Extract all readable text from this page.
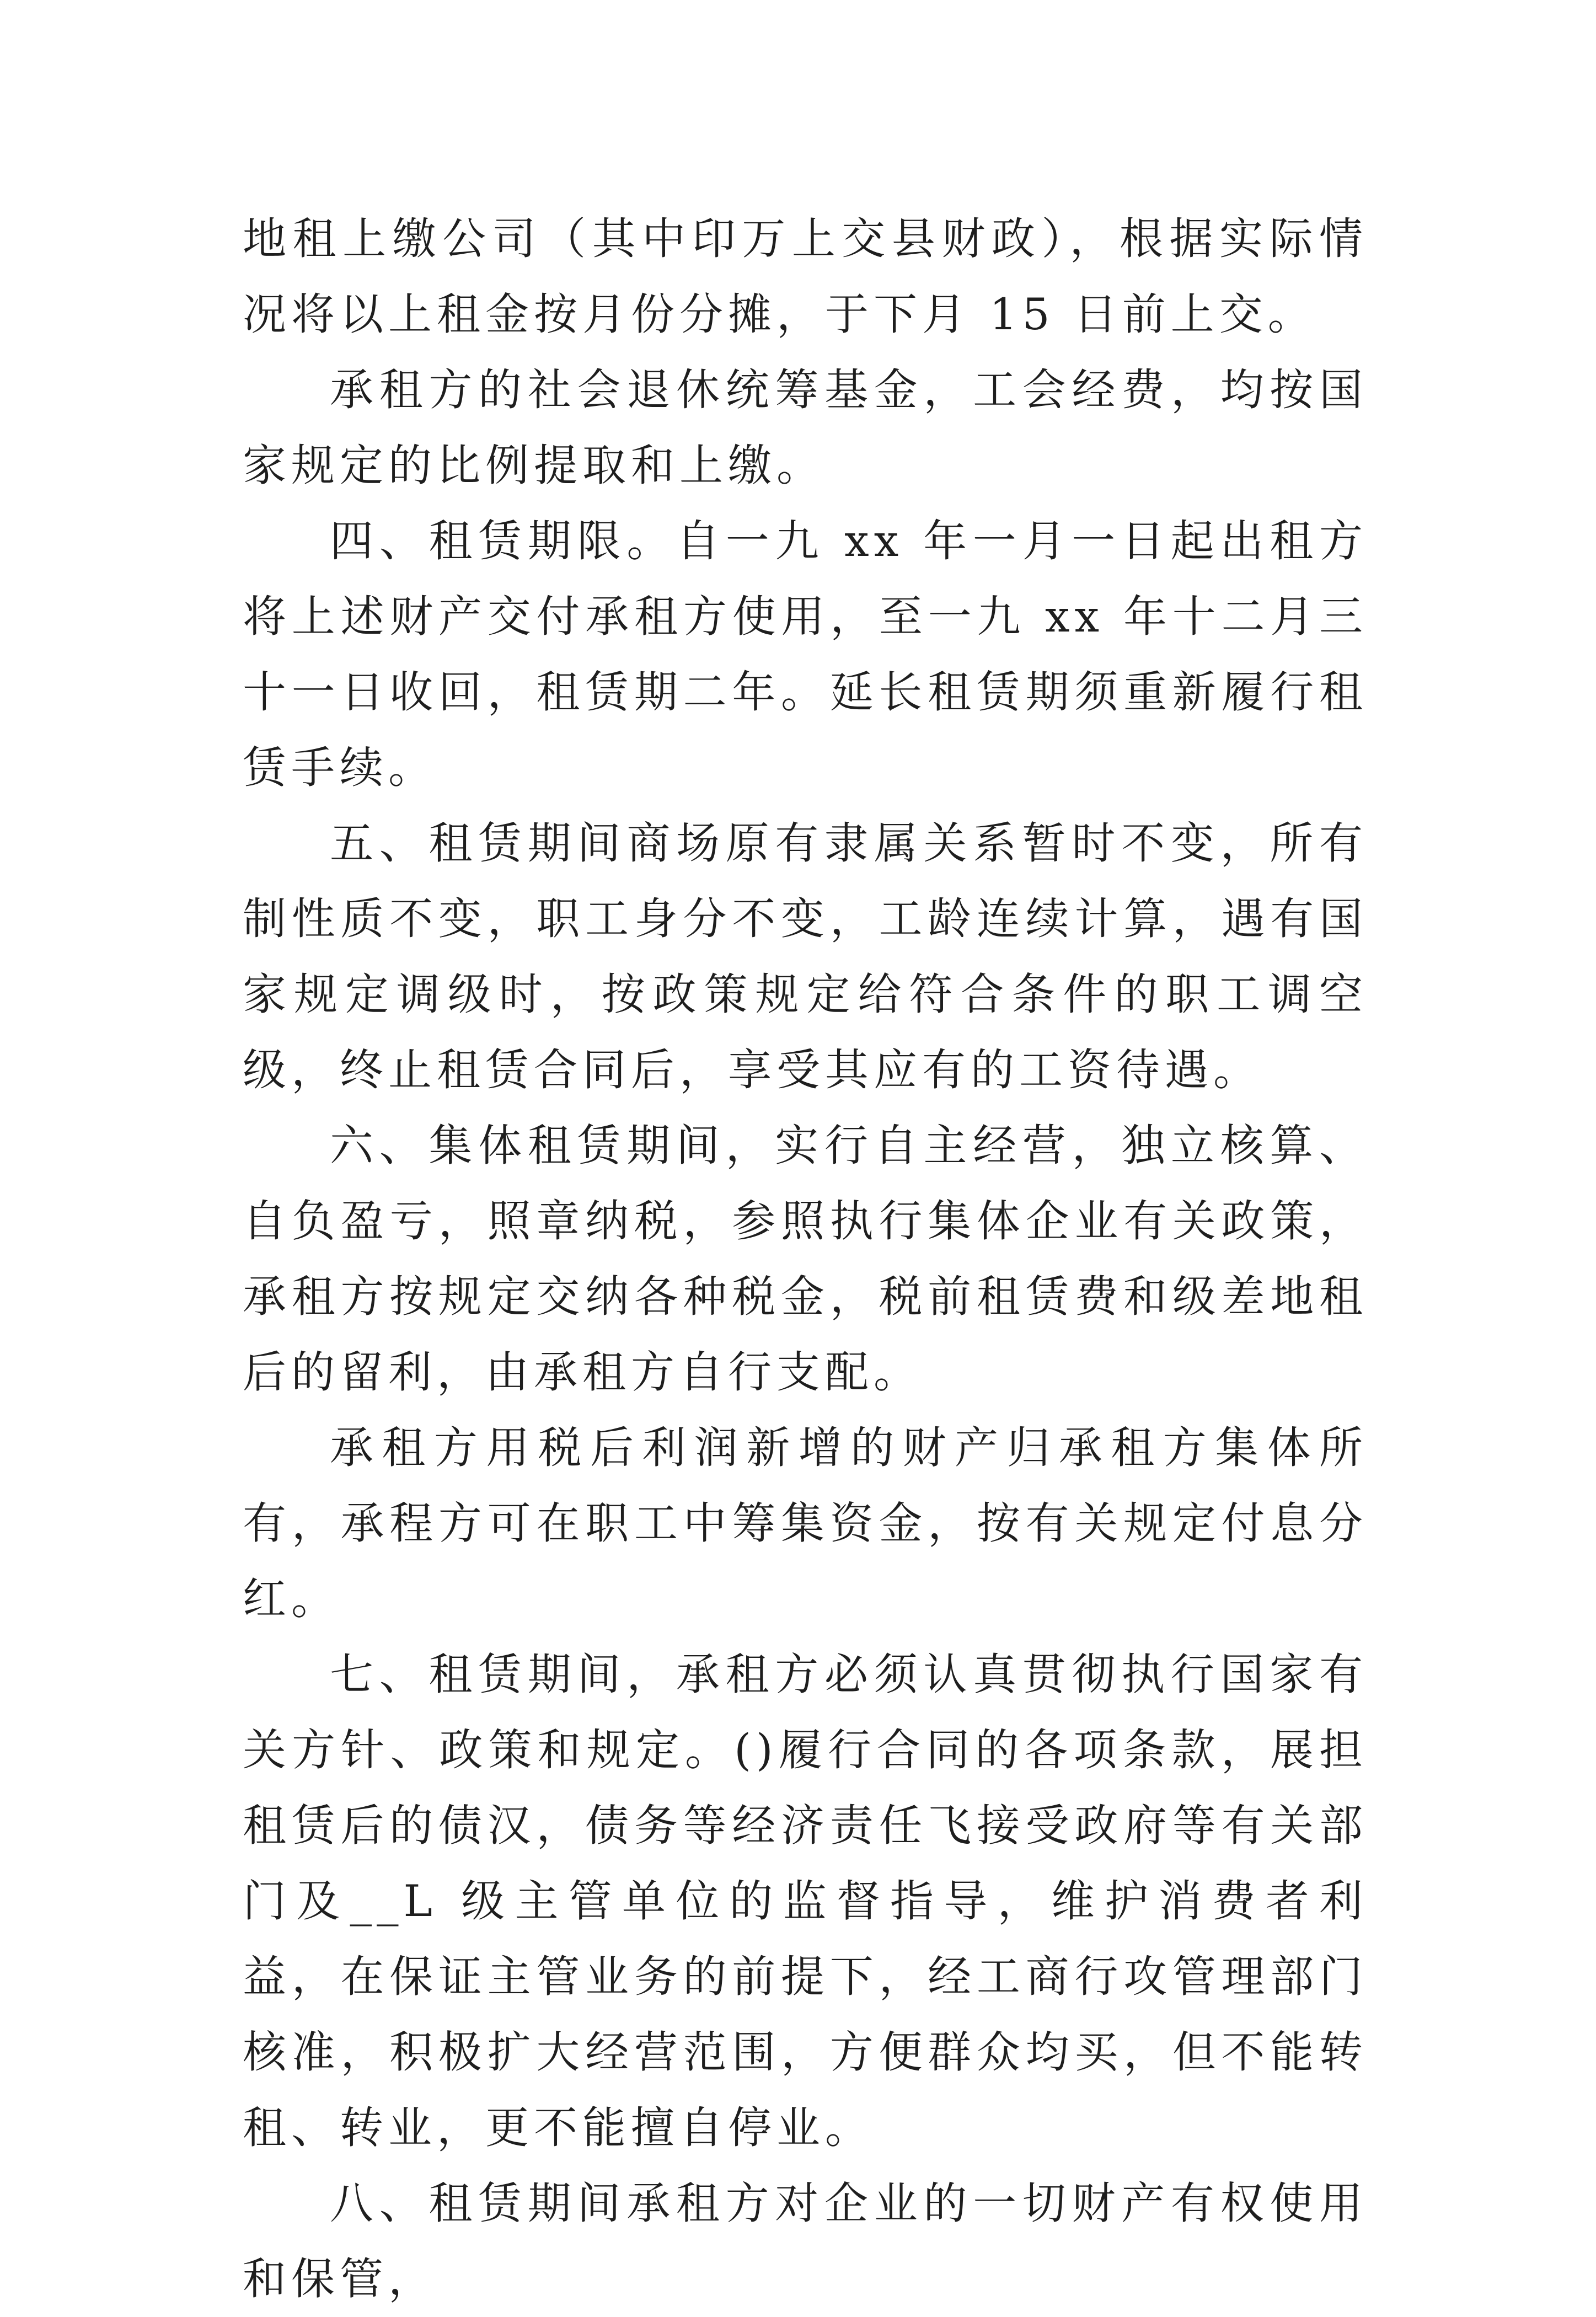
地租上缴公司（其中印万上交县财政），根据实际情况将以上租金按月份分摊，于下月 15 日前上交。

承租方的社会退休统筹基金，工会经费，均按国家规定的比例提取和上缴。

四、租赁期限。自一九 xx 年一月一日起出租方将上述财产交付承租方使用，至一九 xx 年十二月三十一日收回，租赁期二年。延长租赁期须重新履行租赁手续。

五、租赁期间商场原有隶属关系暂时不变，所有制性质不变，职工身分不变，工龄连续计算，遇有国家规定调级时，按政策规定给符合条件的职工调空级，终止租赁合同后，享受其应有的工资待遇。

六、集体租赁期间，实行自主经营，独立核算、自负盈亏，照章纳税，参照执行集体企业有关政策，承租方按规定交纳各种税金，税前租赁费和级差地租后的留利，由承租方自行支配。

承租方用税后利润新增的财产归承租方集体所有，承程方可在职工中筹集资金，按有关规定付息分红。

七、租赁期间，承租方必须认真贯彻执行国家有关方针、政策和规定。()履行合同的各项条款，展担租赁后的债汉，债务等经济责任飞接受政府等有关部门及__L 级主管单位的监督指导，维护消费者利益，在保证主管业务的前提下，经工商行攻管理部门核准，积极扩大经营范围，方便群众均买，但不能转租、转业，更不能擅自停业。

八、租赁期间承租方对企业的一切财产有权使用和保管，
